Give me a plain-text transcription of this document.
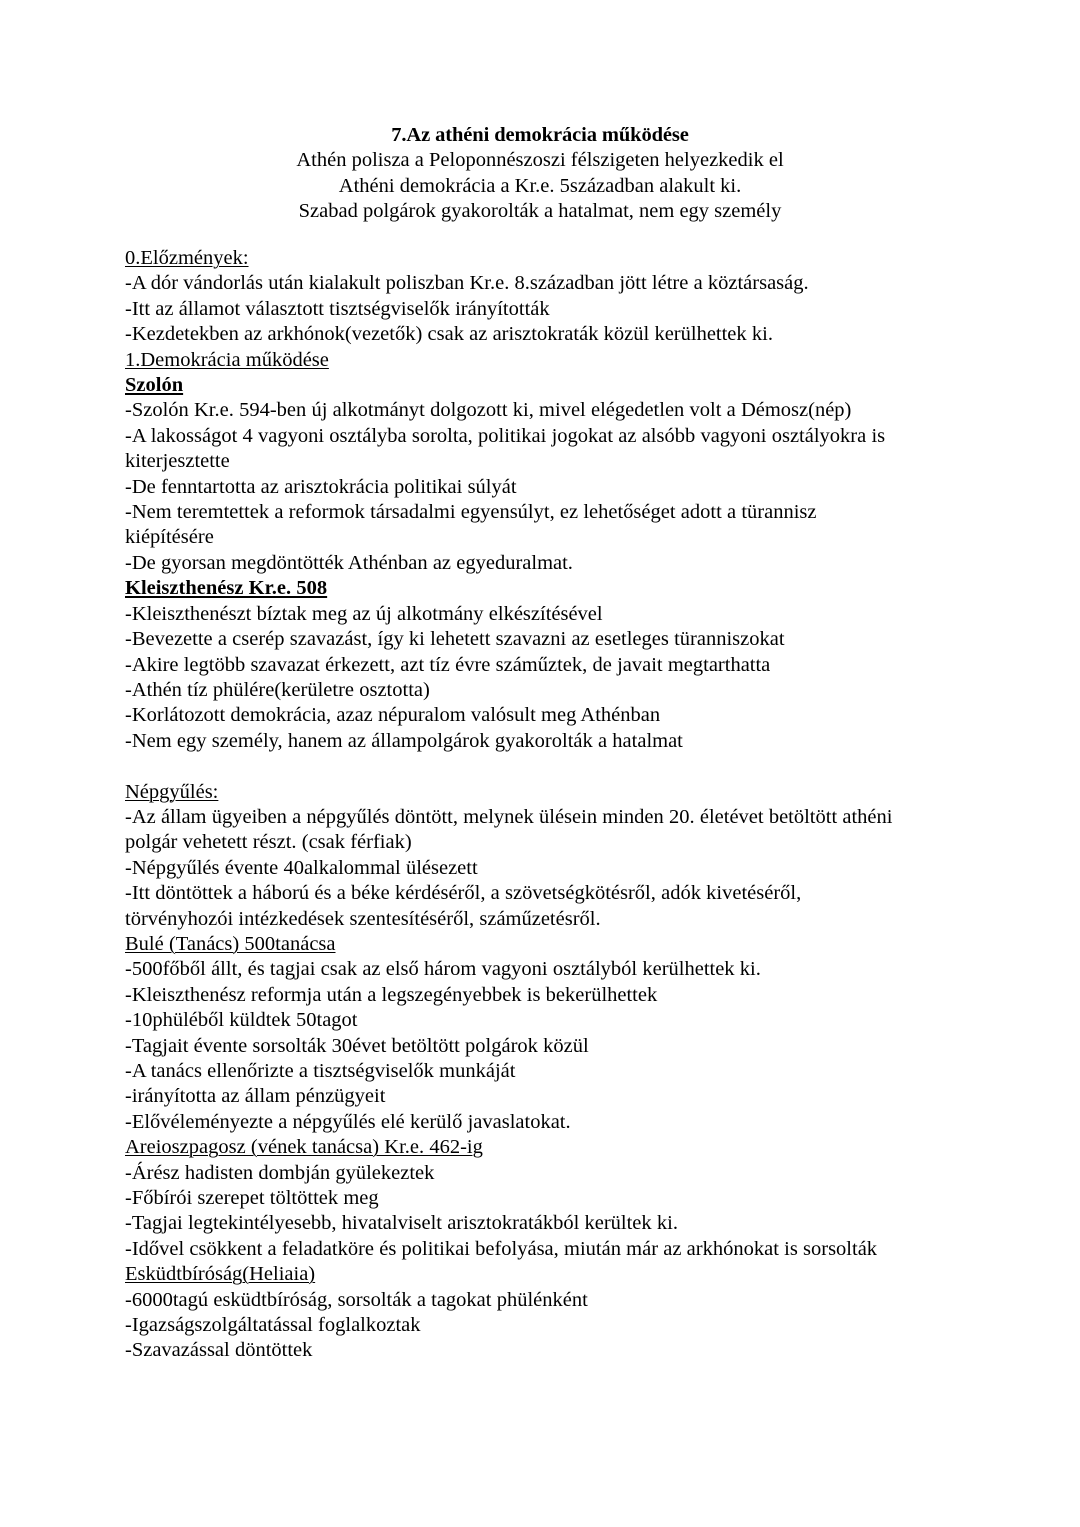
7.Az athéni demokrácia működése
Athén polisza a Peloponnészoszi félszigeten helyezkedik el
Athéni demokrácia a Kr.e. 5században alakult ki.
Szabad polgárok gyakorolták a hatalmat, nem egy személy
0.Előzmények:
-A dór vándorlás után kialakult poliszban Kr.e. 8.században jött létre a köztársaság.
-Itt az államot választott tisztségviselők irányították
-Kezdetekben az arkhónok(vezetők) csak az arisztokraták közül kerülhettek ki.
1.Demokrácia működése
Szolón
-Szolón Kr.e. 594-ben új alkotmányt dolgozott ki, mivel elégedetlen volt a Démosz(nép)
-A lakosságot 4 vagyoni osztályba sorolta, politikai jogokat az alsóbb vagyoni osztályokra is
kiterjesztette
-De fenntartotta az arisztokrácia politikai súlyát
-Nem teremtettek a reformok társadalmi egyensúlyt, ez lehetőséget adott a türannisz
kiépítésére
-De gyorsan megdöntötték Athénban az egyeduralmat.
Kleiszthenész Kr.e. 508
-Kleiszthenészt bíztak meg az új alkotmány elkészítésével
-Bevezette a cserép szavazást, így ki lehetett szavazni az esetleges türanniszokat
-Akire legtöbb szavazat érkezett, azt tíz évre száműztek, de javait megtarthatta
-Athén tíz phülére(kerületre osztotta)
-Korlátozott demokrácia, azaz népuralom valósult meg Athénban
-Nem egy személy, hanem az állampolgárok gyakorolták a hatalmat
Népgyűlés:
-Az állam ügyeiben a népgyűlés döntött, melynek ülésein minden 20. életévet betöltött athéni
polgár vehetett részt. (csak férfiak)
-Népgyűlés évente 40alkalommal ülésezett
-Itt döntöttek a háború és a béke kérdéséről, a szövetségkötésről, adók kivetéséről,
törvényhozói intézkedések szentesítéséről, száműzetésről.
Bulé (Tanács) 500tanácsa
-500főből állt, és tagjai csak az első három vagyoni osztályból kerülhettek ki.
-Kleiszthenész reformja után a legszegényebbek is bekerülhettek
-10phüléből küldtek 50tagot
-Tagjait évente sorsolták 30évet betöltött polgárok közül
-A tanács ellenőrizte a tisztségviselők munkáját
-irányította az állam pénzügyeit
-Elővéleményezte a népgyűlés elé kerülő javaslatokat.
Areioszpagosz (vének tanácsa) Kr.e. 462-ig
-Árész hadisten dombján gyülekeztek
-Főbírói szerepet töltöttek meg
-Tagjai legtekintélyesebb, hivatalviselt arisztokratákból kerültek ki.
-Idővel csökkent a feladatköre és politikai befolyása, miután már az arkhónokat is sorsolták
Esküdtbíróság(Heliaia)
-6000tagú esküdtbíróság, sorsolták a tagokat phülénként
-Igazságszolgáltatással foglalkoztak
-Szavazással döntöttek
